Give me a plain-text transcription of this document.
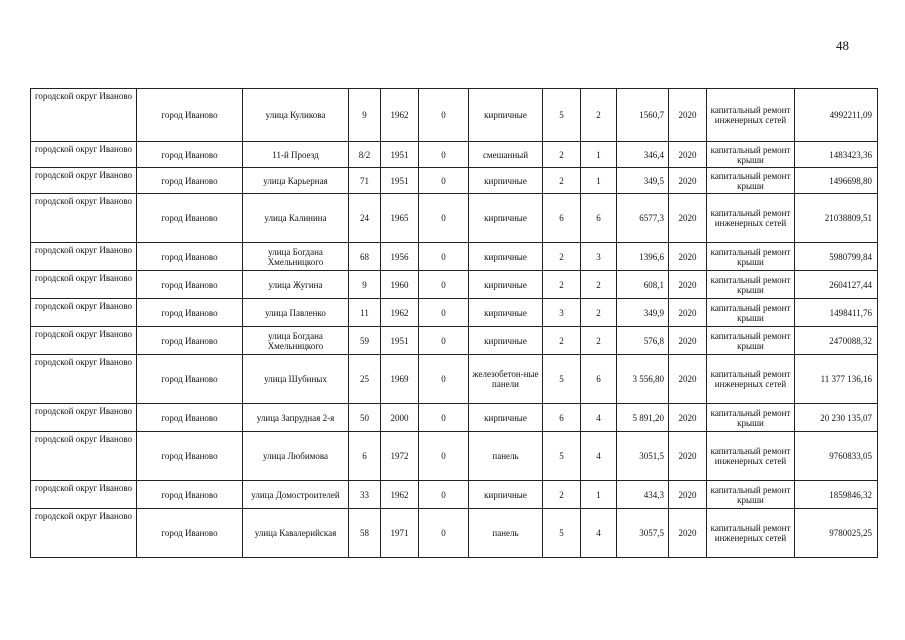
48
городской округ Иваново	город Иваново	улица Куликова	9	1962	0	кирпичные	5	2	1560,7	2020	капитальный ремонт инженерных сетей	4992211,09
городской округ Иваново	город Иваново	11-й Проезд	8/2	1951	0	смешанный	2	1	346,4	2020	капитальный ремонт крыши	1483423,36
городской округ Иваново	город Иваново	улица Карьерная	71	1951	0	кирпичные	2	1	349,5	2020	капитальный ремонт крыши	1496698,80
городской округ Иваново	город Иваново	улица Калинина	24	1965	0	кирпичные	6	6	6577,3	2020	капитальный ремонт инженерных сетей	21038809,51
городской округ Иваново	город Иваново	улица Богдана Хмельницкого	68	1956	0	кирпичные	2	3	1396,6	2020	капитальный ремонт крыши	5980799,84
городской округ Иваново	город Иваново	улица Жугина	9	1960	0	кирпичные	2	2	608,1	2020	капитальный ремонт крыши	2604127,44
городской округ Иваново	город Иваново	улица Павленко	11	1962	0	кирпичные	3	2	349,9	2020	капитальный ремонт крыши	1498411,76
городской округ Иваново	город Иваново	улица Богдана Хмельницкого	59	1951	0	кирпичные	2	2	576,8	2020	капитальный ремонт крыши	2470088,32
городской округ Иваново	город Иваново	улица Шубиных	25	1969	0	железобетон-ные панели	5	6	3 556,80	2020	капитальный ремонт инженерных сетей	11 377 136,16
городской округ Иваново	город Иваново	улица Запрудная 2-я	50	2000	0	кирпичные	6	4	5 891,20	2020	капитальный ремонт крыши	20 230 135,07
городской округ Иваново	город Иваново	улица Любимова	6	1972	0	панель	5	4	3051,5	2020	капитальный ремонт инженерных сетей	9760833,05
городской округ Иваново	город Иваново	улица Домостроителей	33	1962	0	кирпичные	2	1	434,3	2020	капитальный ремонт крыши	1859846,32
городской округ Иваново	город Иваново	улица Кавалерийская	58	1971	0	панель	5	4	3057,5	2020	капитальный ремонт инженерных сетей	9780025,25
